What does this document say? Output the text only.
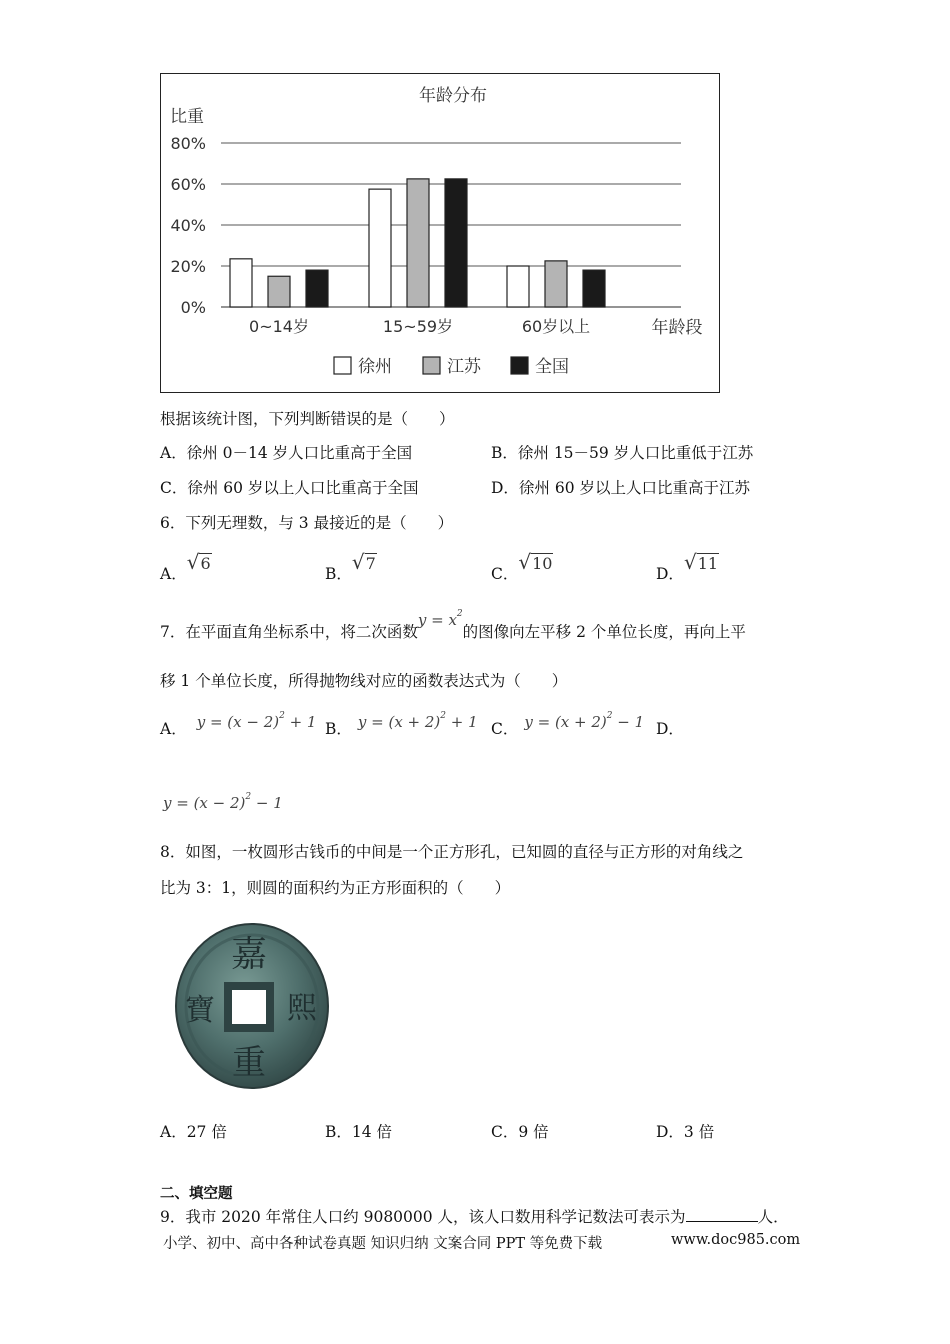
年龄分布
比重
80%
60%
40%
20%
0%
0~14岁	15~59岁	60岁以上	年龄段
徐州	江苏	全国
根据该统计图，下列判断错误的是（　　）
A．徐州 0－14 岁人口比重高于全国	B．徐州 15－59 岁人口比重低于江苏
C．徐州 60 岁以上人口比重高于全国	D．徐州 60 岁以上人口比重高于江苏
6．下列无理数，与 3 最接近的是（　　）
A．√6
B．√7
C．√10
D．√11
7．在平面直角坐标系中，将二次函数$y = x^2$的图像向左平移 2 个单位长度，再向上平
移 1 个单位长度，所得抛物线对应的函数表达式为（　　）
A． $y = (x - 2)^2 + 1$ B． $y = (x + 2)^2 + 1$ C． $y = (x + 2)^2 - 1$ D．
$y = (x - 2)^2 - 1$
8．如图，一枚圆形古钱币的中间是一个正方形孔，已知圆的直径与正方形的对角线之
比为 3：1，则圆的面积约为正方形面积的（　　）
嘉
熙
重
寶
A．27 倍	B．14 倍	C．9 倍	D．3 倍
二、填空题
9．我市 2020 年常住人口约 9080000 人，该人口数用科学记数法可表示为	人．
小学、初中、高中各种试卷真题 知识归纳 文案合同 PPT 等免费下载	www.doc985.com
